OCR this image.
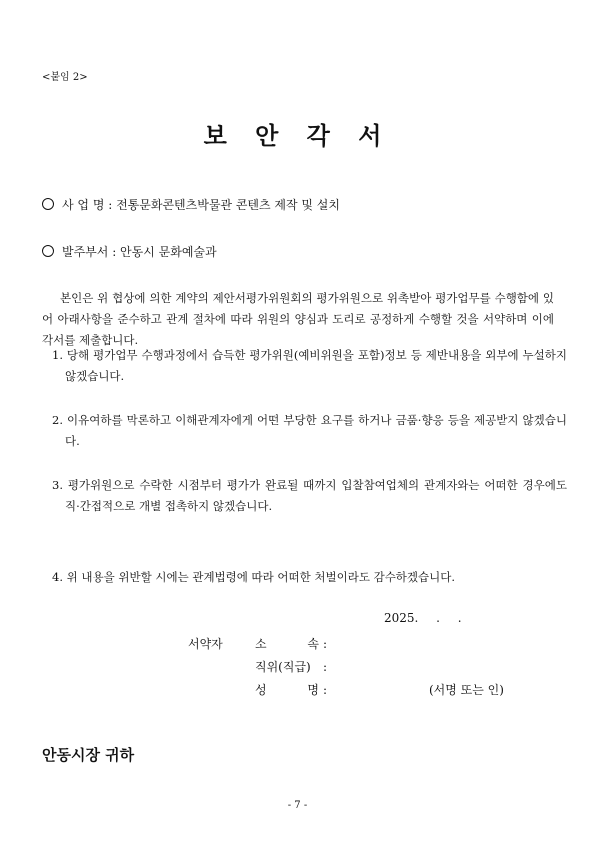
<붙임 2>
보 안 각 서
사 업 명 : 전통문화콘텐츠박물관 콘텐츠 제작 및 설치
발주부서 : 안동시 문화예술과
본인은 위 협상에 의한 계약의 제안서평가위원회의 평가위원으로 위촉받아 평가업무를 수행함에 있어 아래사항을 준수하고 관계 절차에 따라 위원의 양심과 도리로 공정하게 수행할 것을 서약하며 이에 각서를 제출합니다.
1. 당해 평가업무 수행과정에서 습득한 평가위원(예비위원을 포함)정보 등 제반내용을 외부에 누설하지 않겠습니다.
2. 이유여하를 막론하고 이해관계자에게 어떤 부당한 요구를 하거나 금품·향응 등을 제공받지 않겠습니다.
3. 평가위원으로 수락한 시점부터 평가가 완료될 때까지 입찰참여업체의 관계자와는 어떠한 경우에도 직·간접적으로 개별 접촉하지 않겠습니다.
4. 위 내용을 위반할 시에는 관계법령에 따라 어떠한 처벌이라도 감수하겠습니다.
2025. . .
서약자	소 속 :
직위(직급) :
성 명 :	(서명 또는 인)
안동시장 귀하
- 7 -
